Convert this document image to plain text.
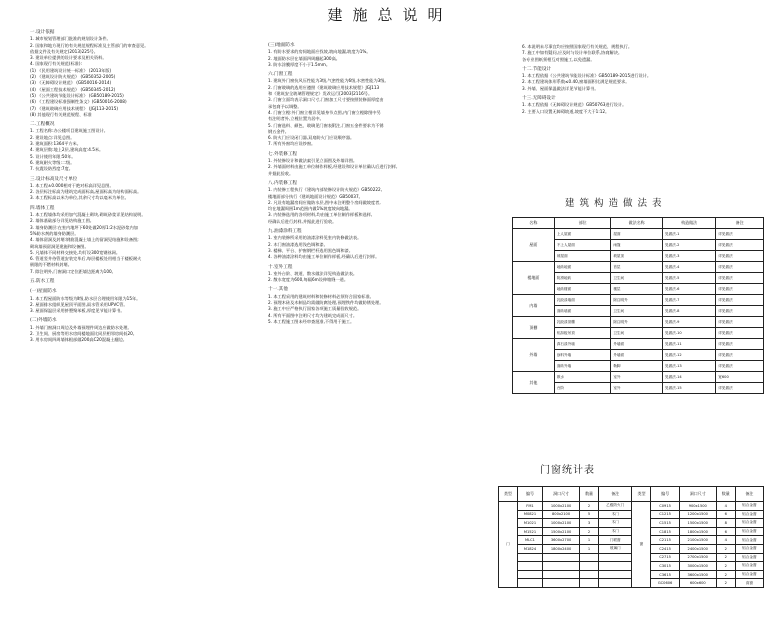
建施总说明
一.设计依据
1. 城市规划管理部门批准的规划设计条件。
2. 国家和地方现行的有关规范规程标准及主管部门的审查意见。
依据文件及有关规定(2013)225号。
3. 建设单位提供的设计要求及相关资料。
4. 国家现行有关规范(标准):
(1) 《民用建筑设计统一标准》 (2013年版)
(2) 《建筑设计防火规范》 (GB50352-2005)
(3) 《无障碍设计规范》 (GB50016-2014)
(4) 《屋面工程技术规范》 (GB50345-2012)
(5) 《公共建筑节能设计标准》 (GB50189-2015)
(6) 《工程建设标准强制性条文》(GB50016-2008)
(7) 《建筑玻璃应用技术规程》 (JGJ113-2015)
(8) 其他现行有关规范规程、标准
二.工程概况
1. 工程名称:办公楼项目建筑施工图设计。
2. 建设地点:详见总图。
3. 建筑面积:1364平方米。
4. 建筑层数:地上2层,建筑高度:4.5米。
5. 设计使用年限:50年。
6. 建筑耐火等级:二级。
7. 抗震设防烈度:7度。
三.设计标高及尺寸单位
1. 本工程±0.000相对于绝对标高详见总图。
2. 各层标注标高为建筑完成面标高,屋面标高为结构面标高。
3. 本工程标高以米为单位,其余尺寸均以毫米为单位。
四.墙体工程
1. 本工程墙体均采用加气混凝土砌块,砌筑砂浆详见结构说明。
2. 墙体基础部分详见结构施工图。
3. 墙身防潮层:在室内地坪下60处做20厚1:2水泥砂浆内加
5%防水剂的墙身防潮层。
4. 墙体留洞及封堵:钢筋混凝土墙上的留洞见结施和设备图;
砌筑墙预留洞见建施和设备图。
5. 凡墙体不同材料交接处,均钉设300宽钢丝网。
6. 管道竖井待管道安装完毕后,每层楼板处用相当于楼板耐火
极限的不燃材料封堵。
7. 除注明外,门窗洞口定位距墙边距离为100。
五.防水工程
(一)屋面防水
1. 本工程屋面防水等级为Ⅱ级,防水层合理使用年限为15年。
2. 屋面排水组织见屋顶平面图,雨水管采用UPVC管。
3. 屋面保温层采用挤塑聚苯板,厚度见节能计算书。
(二)外墙防水
1. 外墙门窗洞口周边及外墙预埋件周边应做防水处理。
2. 卫生间、厨房等用水房间楼地面比同层相邻房间低20。
3. 用水房间四周墙体根部做200高C20混凝土翻边。
(三)地面防水
1. 有防水要求的房间地面应找坡,坡向地漏,坡度为1%。
2. 地面防水层在墙面四周翻起300高。
3. 防水涂膜厚度不小于1.5mm。
六.门窗工程
1. 建筑外门窗抗风压性能为3级,气密性能为6级,水密性能为3级。
2. 门窗玻璃的选用应遵照《建筑玻璃应用技术规程》JGJ113
和《建筑安全玻璃管理规定》发改运行[2003]2116号。
3. 门窗立面均表示洞口尺寸,门窗加工尺寸要按照装修面厚度由
承包商予以调整。
4. 门窗立樘:外门窗立樘详见墙身节点图,内门窗立樘除图中另
有注明者外,立樘位置为居中。
5. 门窗选料、颜色、玻璃见门窗表附注,门窗五金件要求为不锈
钢五金件。
6. 防火门应设闭门器,双扇防火门应设顺序器。
7. 所有外窗均应设纱窗。
七.外装修工程
1. 外装修设计和做法索引见立面图及外墙详图。
2. 外墙面材料由施工单位制作样板,经建设和设计单位确认后进行封样,
并据此验收。
八.内装修工程
1. 内装修工程执行《建筑内部装修设计防火规范》GB50222,
楼地面部分执行《建筑地面设计规范》GB50037。
2. 凡设有地漏房间应做防水层,图中未注明整个房间做坡度者,
均在地漏周围1m范围内做1%坡度坡向地漏。
3. 内装修选用的各项材料,均由施工单位制作样板和选样,
经确认后进行封样,并据此进行验收。
九.油漆涂料工程
1. 室内装修所采用的油漆涂料见室内装修做法表。
2. 木门窗油漆选用浅色调和漆。
3. 楼梯、平台、护窗钢栏杆选用黑色调和漆。
4. 各种油漆涂料均由施工单位制作样板,经确认后进行封样。
十.室外工程
1. 室外台阶、坡道、散水做法详见构造做法表。
2. 散水宽度为600,每隔6m设伸缩缝一道。
十一.其他
1. 本工程采用的建筑材料和装修材料必须符合国家标准。
2. 预埋木砖及木制品均需做防腐处理,预埋铁件均做防锈处理。
3. 施工中应严格执行国家各项施工质量验收规范。
4. 所有平面图中注明尺寸均为建筑完成面尺寸。
5. 本工程施工图未经审查批准,不得用于施工。
6. 本说明未尽事宜均应按照国家现行有关规范、规程执行。
7. 施工中如有疑问,应及时与设计单位联系,协商解决。
各专业图纸须相互对照施工,以免遗漏。
十二.节能设计
1. 本工程依据《公共建筑节能设计标准》GB50189-2015进行设计。
2. 本工程建筑体形系数≤0.40,窗墙面积比满足规范要求。
3. 外墙、屋面保温做法详见节能计算书。
十三.无障碍设计
1. 本工程依据《无障碍设计规范》GB50763进行设计。
2. 主要入口设置无障碍坡道,坡度不大于1:12。
建筑构造做法表
名称	部位	做法名称	构造做法	备注
屋面	上人屋面	屋面	见做法-1	详见做法
	不上人屋面	雨篷	见做法-2	详见做法
	坡屋面	坡屋顶	见做法-3	详见做法
楼地面	地砖地面	首层	见做法-4	详见做法
	防滑地砖	卫生间	见做法-5	详见做法
	地砖楼面	楼层	见做法-6	详见做法
内墙	乳胶漆墙面	除注明外	见做法-7	详见做法
	面砖墙面	卫生间	见做法-8	详见做法
顶棚	乳胶漆顶棚	除注明外	见做法-9	详见做法
	铝扣板吊顶	卫生间	见做法-10	详见做法
外墙	真石漆外墙	外墙面	见做法-11	详见做法
	涂料外墙	外墙面	见做法-12	详见做法
	面砖外墙	勒脚	见做法-13	详见做法
其他	散水	室外	见做法-14	宽600
	台阶	室外	见做法-15	详见做法
门窗统计表
类型	编号	洞口尺寸	数量	备注	类型	编号	洞口尺寸	数量	备注
门	FM1	1000x2100	2	乙级防火门	窗	C0915	900x1500	4	铝合金窗
	M0821	800x2100	5	木门		C1215	1200x1500	6	铝合金窗
	M1021	1000x2100	3	木门		C1515	1500x1500	8	铝合金窗
	M1521	1500x2100	2	木门		C1815	1800x1500	6	铝合金窗
	MLC1	3600x2700	1	门联窗		C2115	2100x1500	4	铝合金窗
	M1824	1800x2400	1	玻璃门		C2415	2400x1500	2	铝合金窗
						C2715	2700x1500	2	铝合金窗
						C3015	3000x1500	2	铝合金窗
						C3615	3600x1500	2	铝合金窗
						GC0606	600x600	2	高窗
